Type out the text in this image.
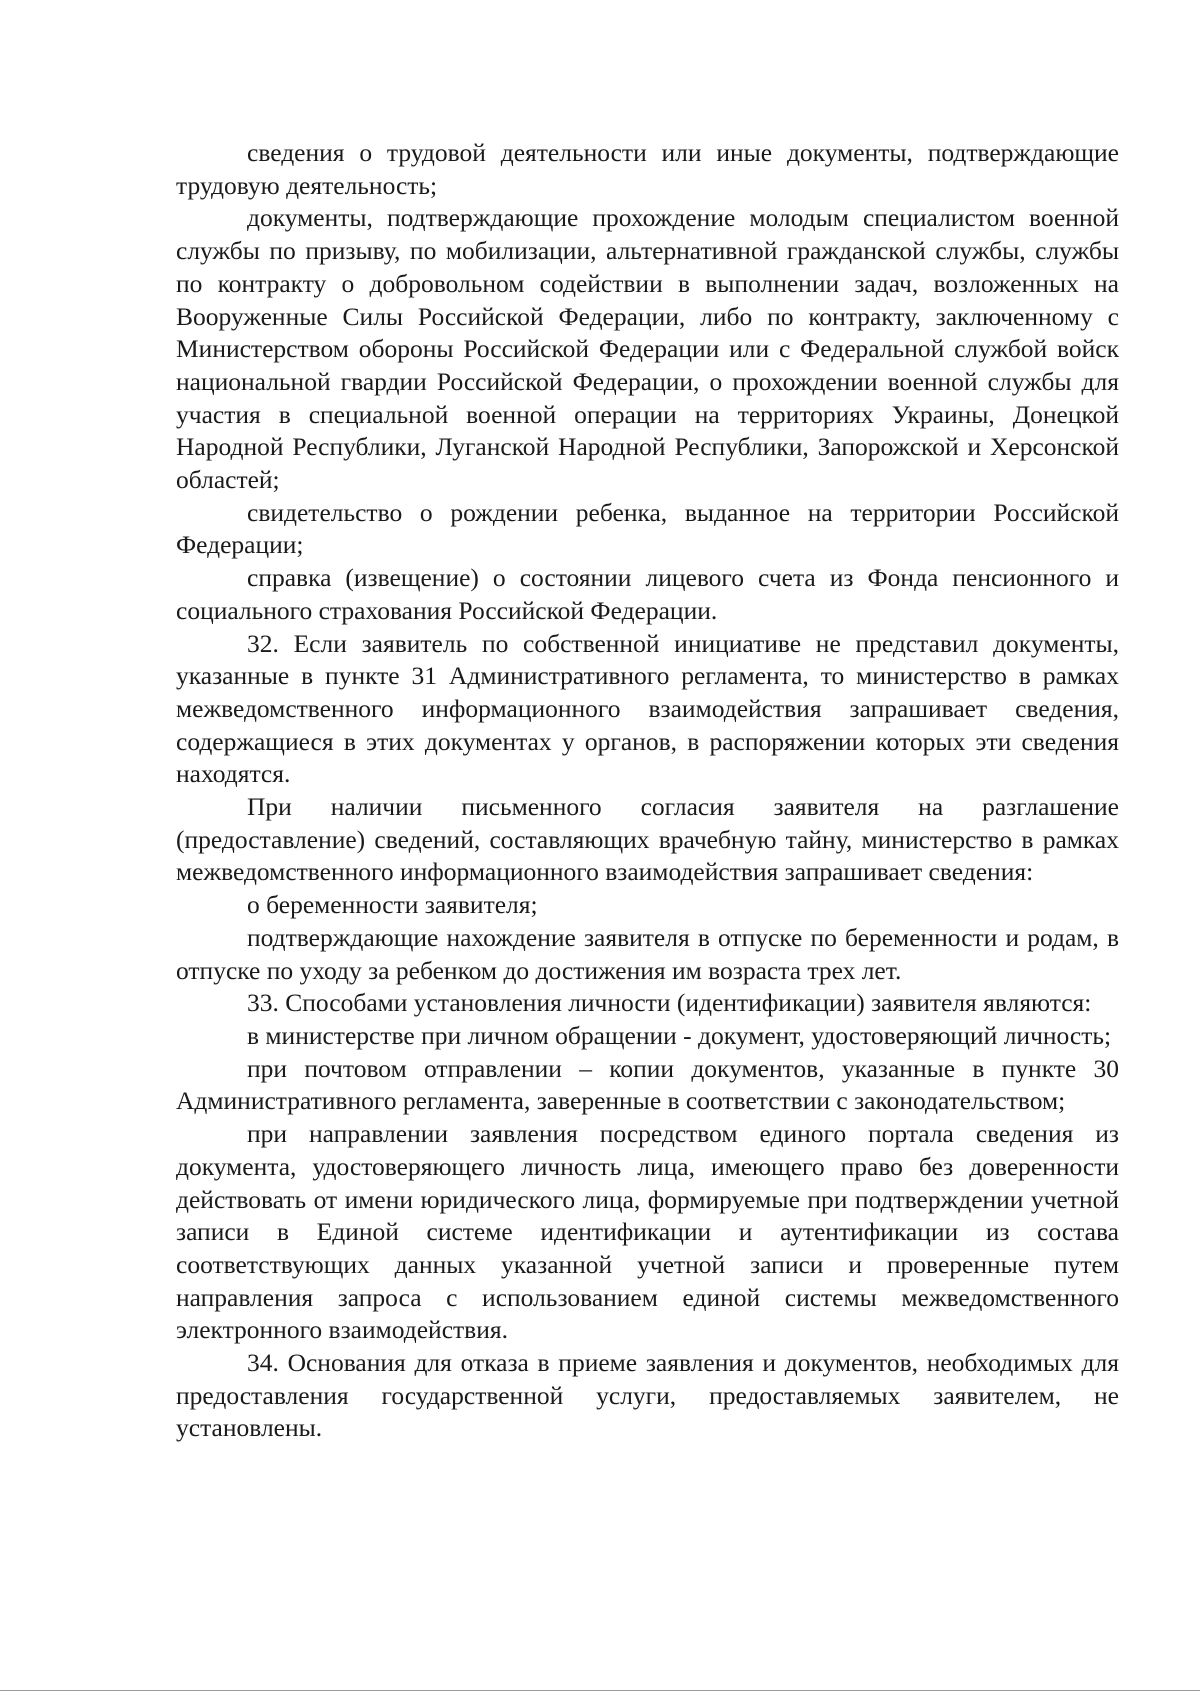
сведения о трудовой деятельности или иные документы, подтверждающие трудовую деятельность;

документы, подтверждающие прохождение молодым специалистом военной службы по призыву, по мобилизации, альтернативной гражданской службы, службы по контракту о добровольном содействии в выполнении задач, возложенных на Вооруженные Силы Российской Федерации, либо по контракту, заключенному с Министерством обороны Российской Федерации или с Федеральной службой войск национальной гвардии Российской Федерации, о прохождении военной службы для участия в специальной военной операции на территориях Украины, Донецкой Народной Республики, Луганской Народной Республики, Запорожской и Херсонской областей;

свидетельство о рождении ребенка, выданное на территории Российской Федерации;

справка (извещение) о состоянии лицевого счета из Фонда пенсионного и социального страхования Российской Федерации.

32. Если заявитель по собственной инициативе не представил документы, указанные в пункте 31 Административного регламента, то министерство в рамках межведомственного информационного взаимодействия запрашивает сведения, содержащиеся в этих документах у органов, в распоряжении которых эти сведения находятся.

При наличии письменного согласия заявителя на разглашение (предоставление) сведений, составляющих врачебную тайну, министерство в рамках межведомственного информационного взаимодействия запрашивает сведения:

о беременности заявителя;

подтверждающие нахождение заявителя в отпуске по беременности и родам, в отпуске по уходу за ребенком до достижения им возраста трех лет.

33. Способами установления личности (идентификации) заявителя являются:

в министерстве при личном обращении - документ, удостоверяющий личность;

при почтовом отправлении – копии документов, указанные в пункте 30 Административного регламента, заверенные в соответствии с законодательством;

при направлении заявления посредством единого портала сведения из документа, удостоверяющего личность лица, имеющего право без доверенности действовать от имени юридического лица, формируемые при подтверждении учетной записи в Единой системе идентификации и аутентификации из состава соответствующих данных указанной учетной записи и проверенные путем направления запроса с использованием единой системы межведомственного электронного взаимодействия.

34. Основания для отказа в приеме заявления и документов, необходимых для предоставления государственной услуги, предоставляемых заявителем, не установлены.
